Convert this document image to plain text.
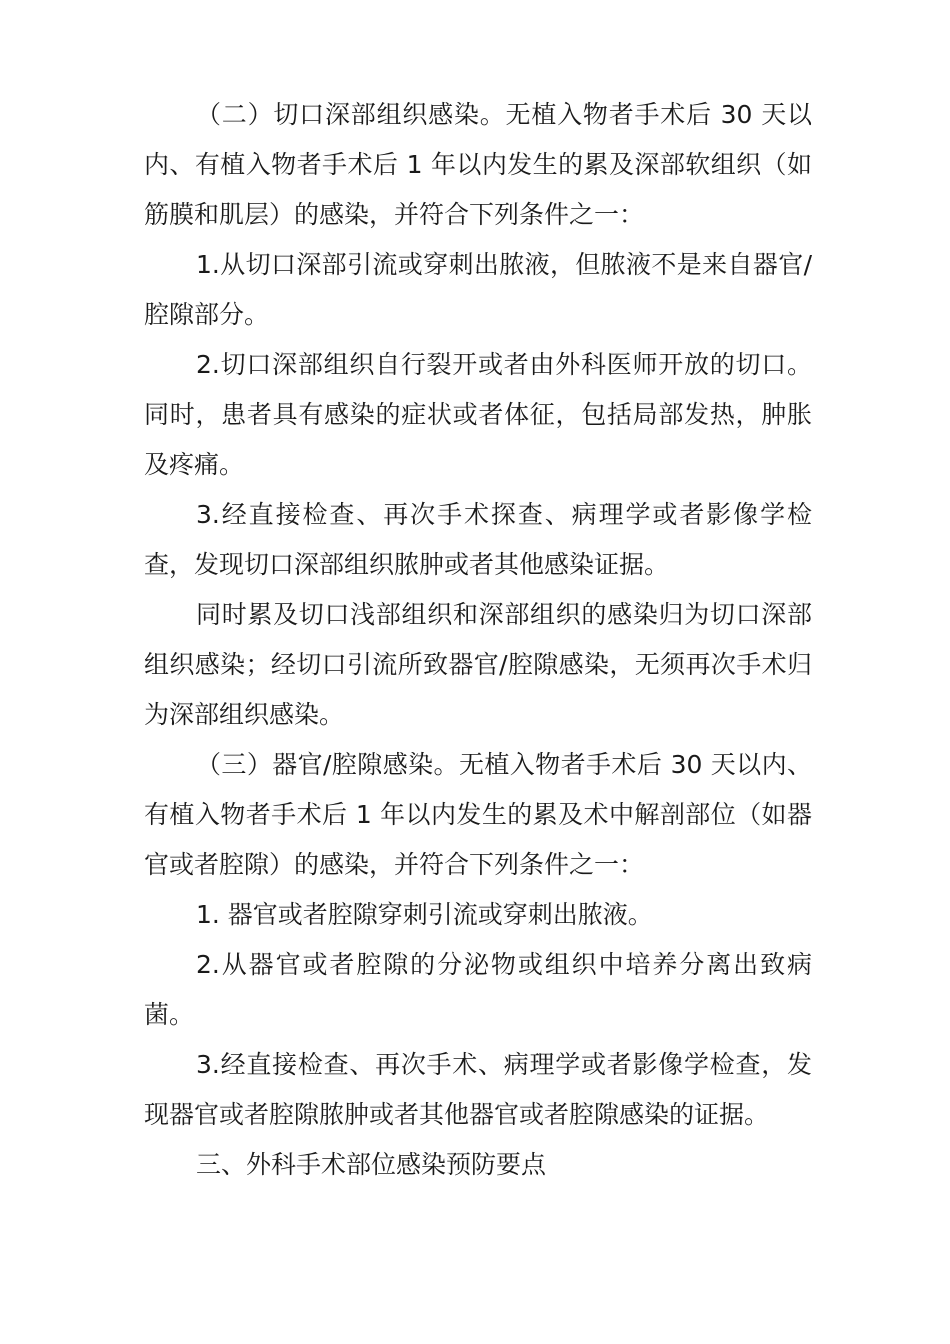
（二）切口深部组织感染。无植入物者手术后 30 天以内、有植入物者手术后 1 年以内发生的累及深部软组织（如筋膜和肌层）的感染，并符合下列条件之一：

1.从切口深部引流或穿刺出脓液，但脓液不是来自器官/腔隙部分。

2.切口深部组织自行裂开或者由外科医师开放的切口。同时，患者具有感染的症状或者体征，包括局部发热，肿胀及疼痛。

3.经直接检查、再次手术探查、病理学或者影像学检查，发现切口深部组织脓肿或者其他感染证据。

同时累及切口浅部组织和深部组织的感染归为切口深部组织感染；经切口引流所致器官/腔隙感染，无须再次手术归为深部组织感染。

（三）器官/腔隙感染。无植入物者手术后 30 天以内、有植入物者手术后 1 年以内发生的累及术中解剖部位（如器官或者腔隙）的感染，并符合下列条件之一：

1. 器官或者腔隙穿刺引流或穿刺出脓液。

2.从器官或者腔隙的分泌物或组织中培养分离出致病菌。

3.经直接检查、再次手术、病理学或者影像学检查，发现器官或者腔隙脓肿或者其他器官或者腔隙感染的证据。

三、外科手术部位感染预防要点
